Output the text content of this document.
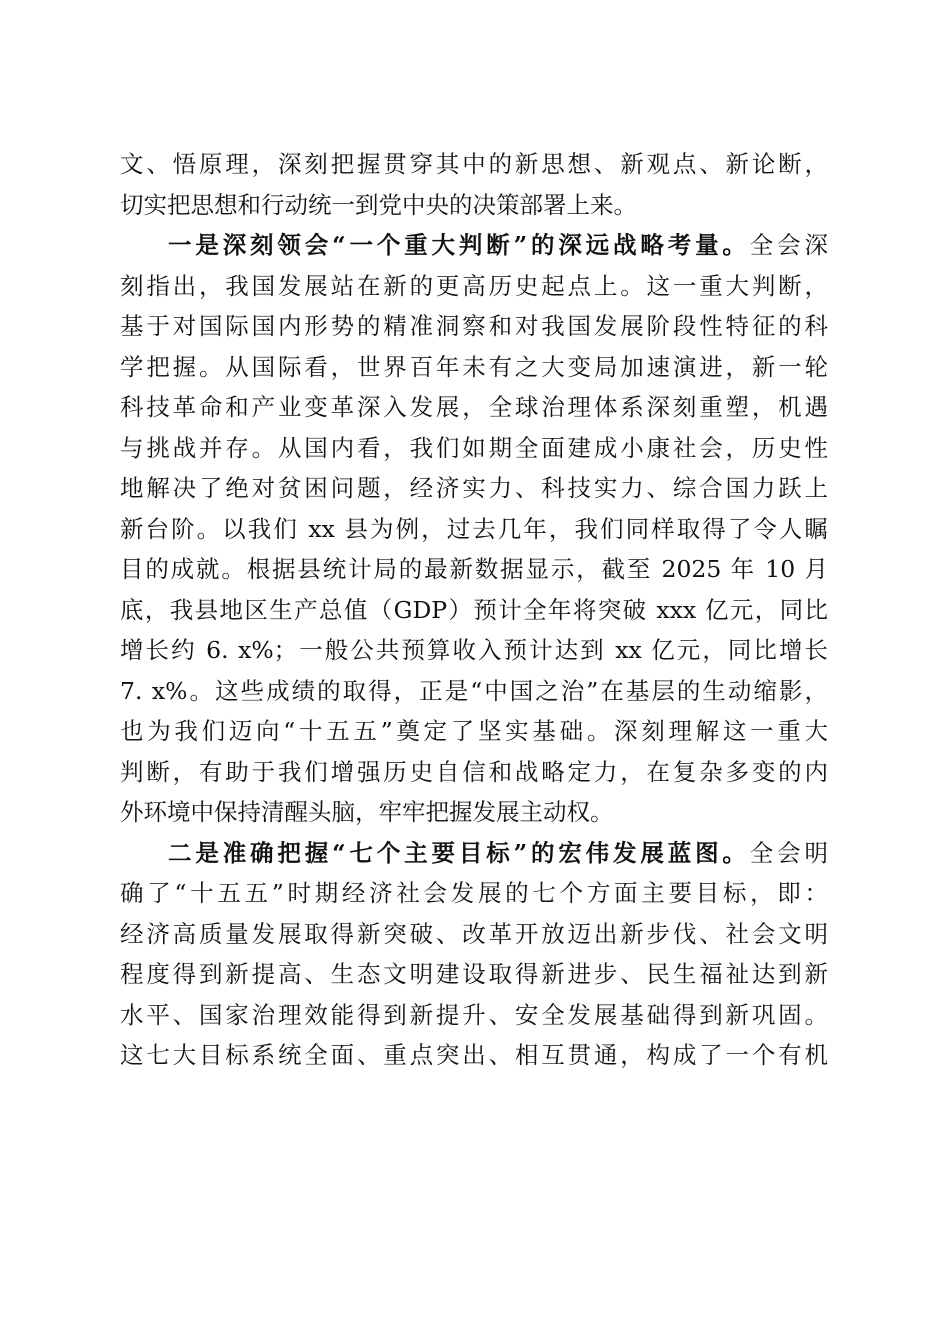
文、悟原理，深刻把握贯穿其中的新思想、新观点、新论断，
切实把思想和行动统一到党中央的决策部署上来。
一是深刻领会“一个重大判断”的深远战略考量。全会深
刻指出，我国发展站在新的更高历史起点上。这一重大判断，
基于对国际国内形势的精准洞察和对我国发展阶段性特征的科
学把握。从国际看，世界百年未有之大变局加速演进，新一轮
科技革命和产业变革深入发展，全球治理体系深刻重塑，机遇
与挑战并存。从国内看，我们如期全面建成小康社会，历史性
地解决了绝对贫困问题，经济实力、科技实力、综合国力跃上
新台阶。以我们 xx 县为例，过去几年，我们同样取得了令人瞩
目的成就。根据县统计局的最新数据显示，截至 2025 年 10 月
底，我县地区生产总值（GDP）预计全年将突破 xxx 亿元，同比
增长约 6. x%；一般公共预算收入预计达到 xx 亿元，同比增长
7. x%。这些成绩的取得，正是“中国之治”在基层的生动缩影，
也为我们迈向“十五五”奠定了坚实基础。深刻理解这一重大
判断，有助于我们增强历史自信和战略定力，在复杂多变的内
外环境中保持清醒头脑，牢牢把握发展主动权。
二是准确把握“七个主要目标”的宏伟发展蓝图。全会明
确了“十五五”时期经济社会发展的七个方面主要目标，即：
经济高质量发展取得新突破、改革开放迈出新步伐、社会文明
程度得到新提高、生态文明建设取得新进步、民生福祉达到新
水平、国家治理效能得到新提升、安全发展基础得到新巩固。
这七大目标系统全面、重点突出、相互贯通，构成了一个有机
